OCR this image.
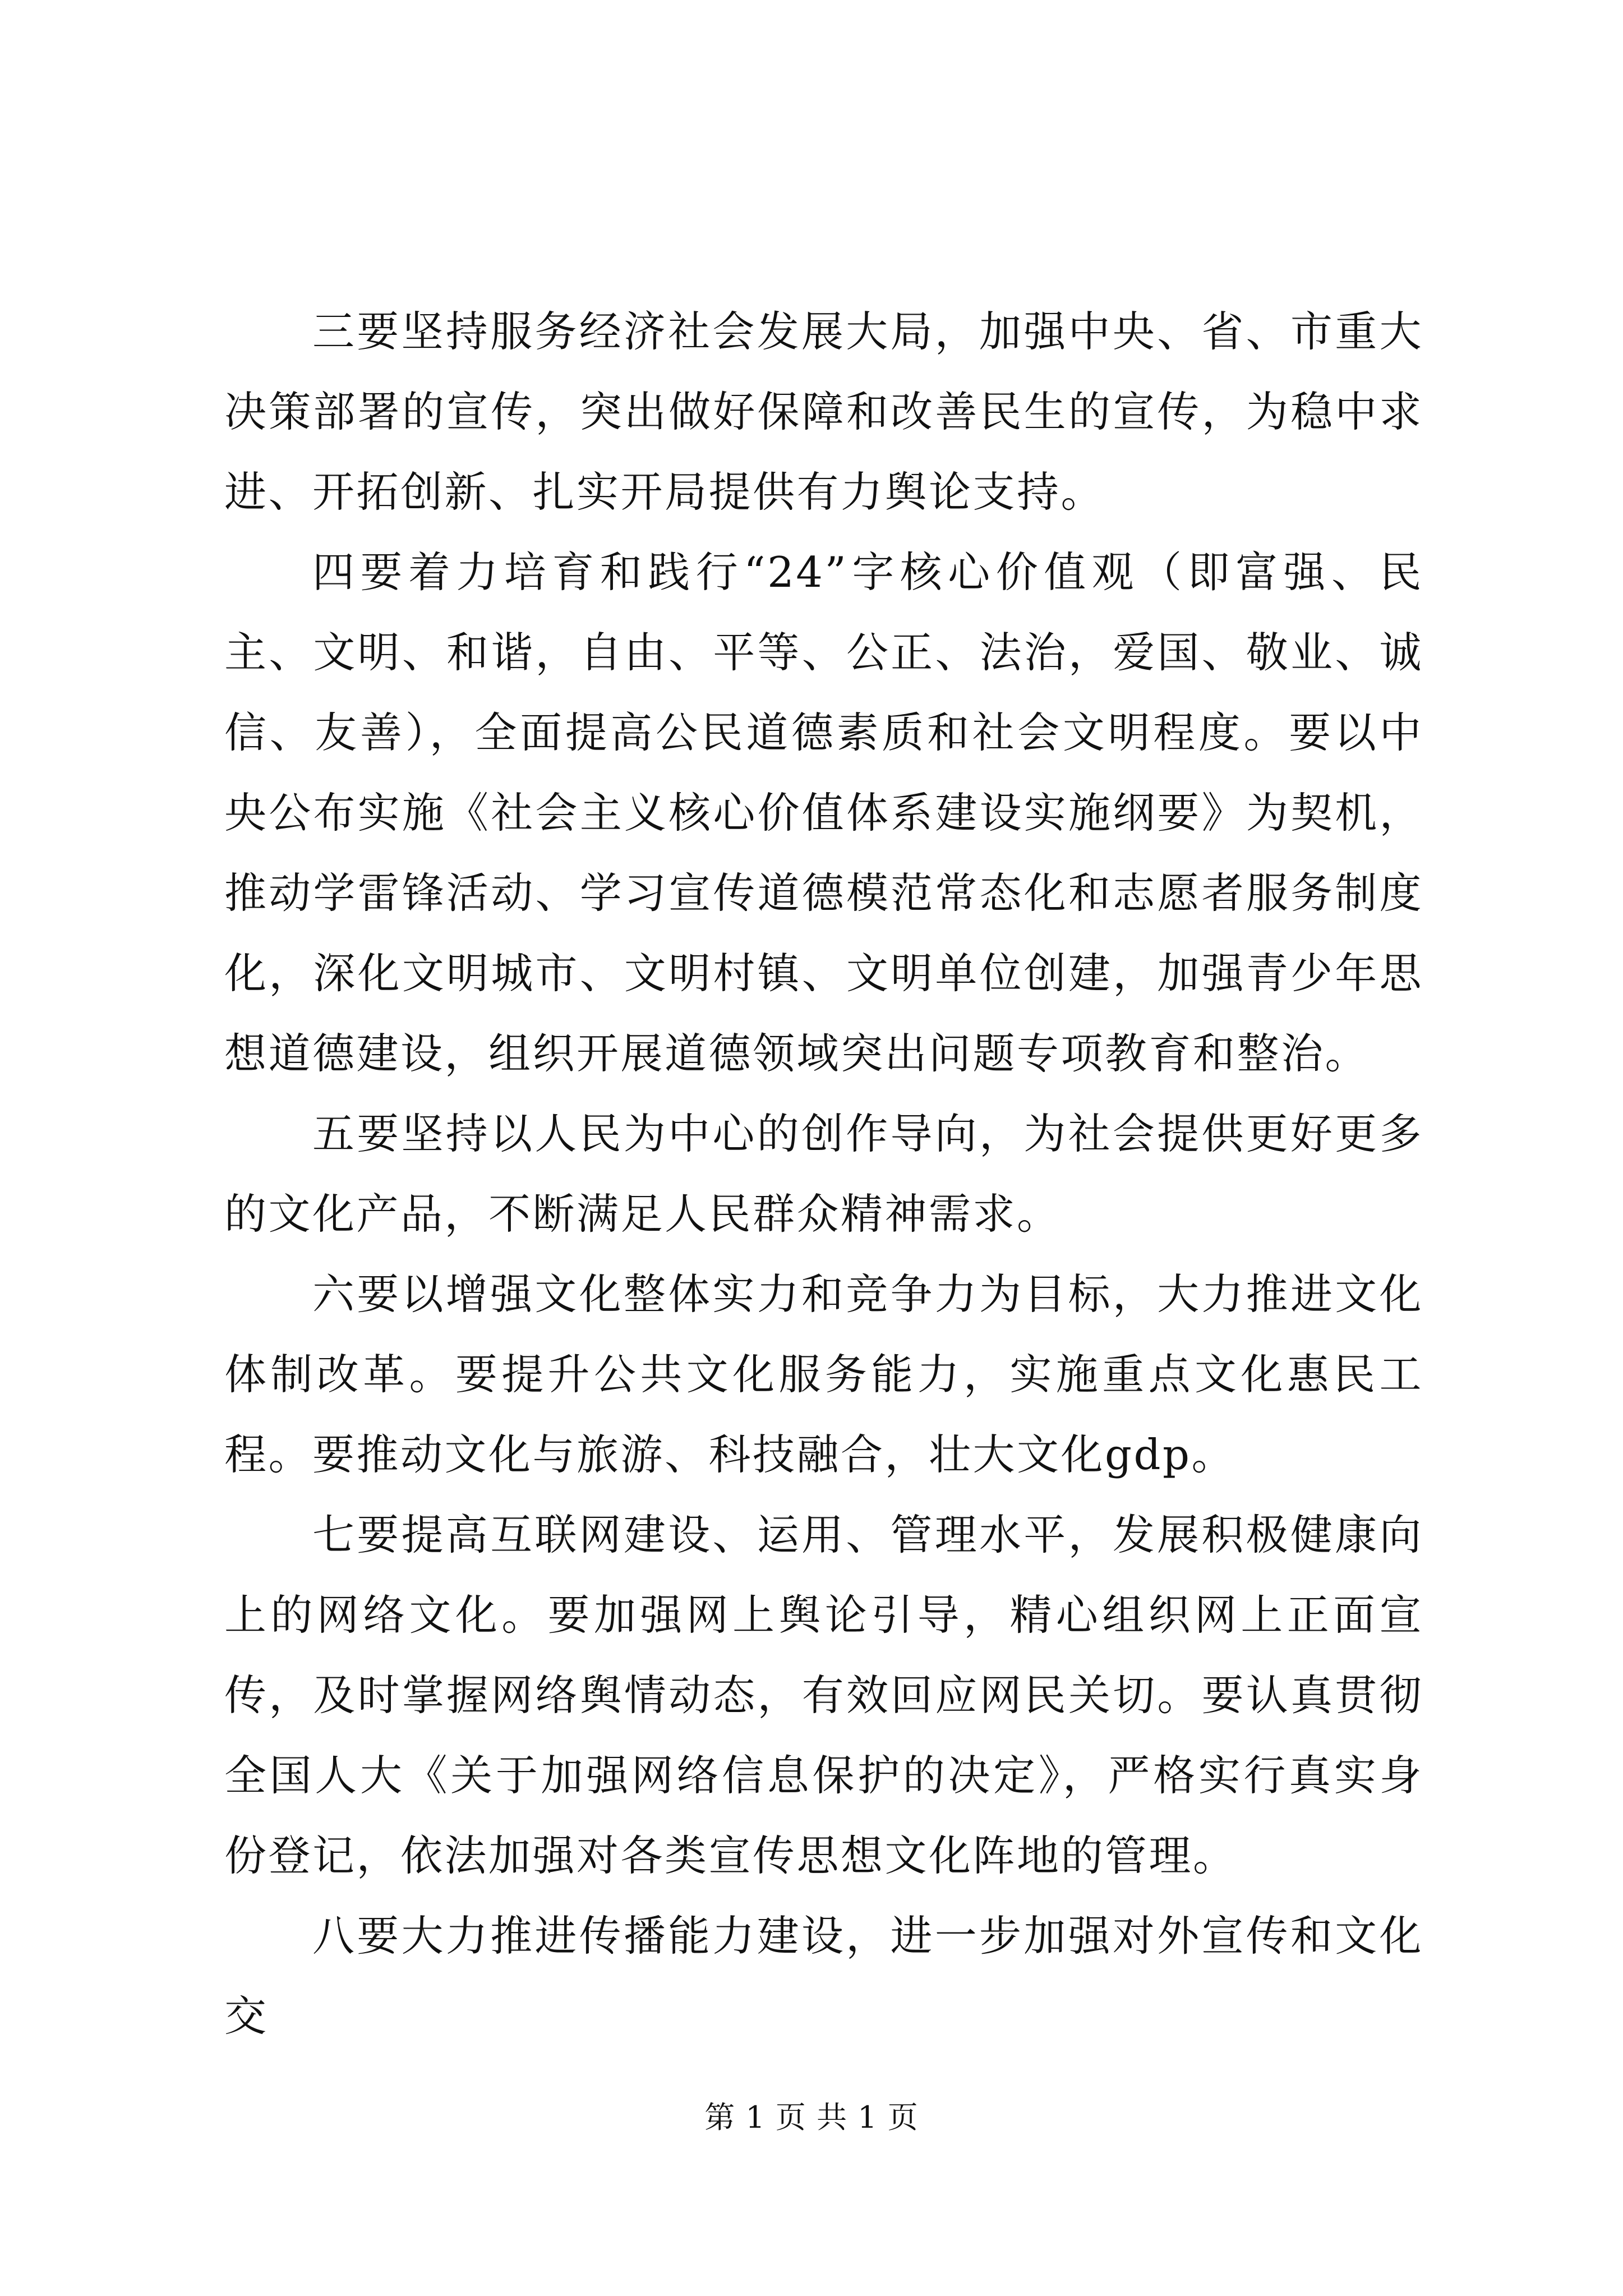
三要坚持服务经济社会发展大局，加强中央、省、市重大决策部署的宣传，突出做好保障和改善民生的宣传，为稳中求进、开拓创新、扎实开局提供有力舆论支持。

四要着力培育和践行“24”字核心价值观（即富强、民主、文明、和谐，自由、平等、公正、法治，爱国、敬业、诚信、友善），全面提高公民道德素质和社会文明程度。要以中央公布实施《社会主义核心价值体系建设实施纲要》为契机，推动学雷锋活动、学习宣传道德模范常态化和志愿者服务制度化，深化文明城市、文明村镇、文明单位创建，加强青少年思想道德建设，组织开展道德领域突出问题专项教育和整治。

五要坚持以人民为中心的创作导向，为社会提供更好更多的文化产品，不断满足人民群众精神需求。

六要以增强文化整体实力和竞争力为目标，大力推进文化体制改革。要提升公共文化服务能力，实施重点文化惠民工程。要推动文化与旅游、科技融合，壮大文化gdp。

七要提高互联网建设、运用、管理水平，发展积极健康向上的网络文化。要加强网上舆论引导，精心组织网上正面宣传，及时掌握网络舆情动态，有效回应网民关切。要认真贯彻全国人大《关于加强网络信息保护的决定》，严格实行真实身份登记，依法加强对各类宣传思想文化阵地的管理。

八要大力推进传播能力建设，进一步加强对外宣传和文化交

第 1 页 共 1 页
